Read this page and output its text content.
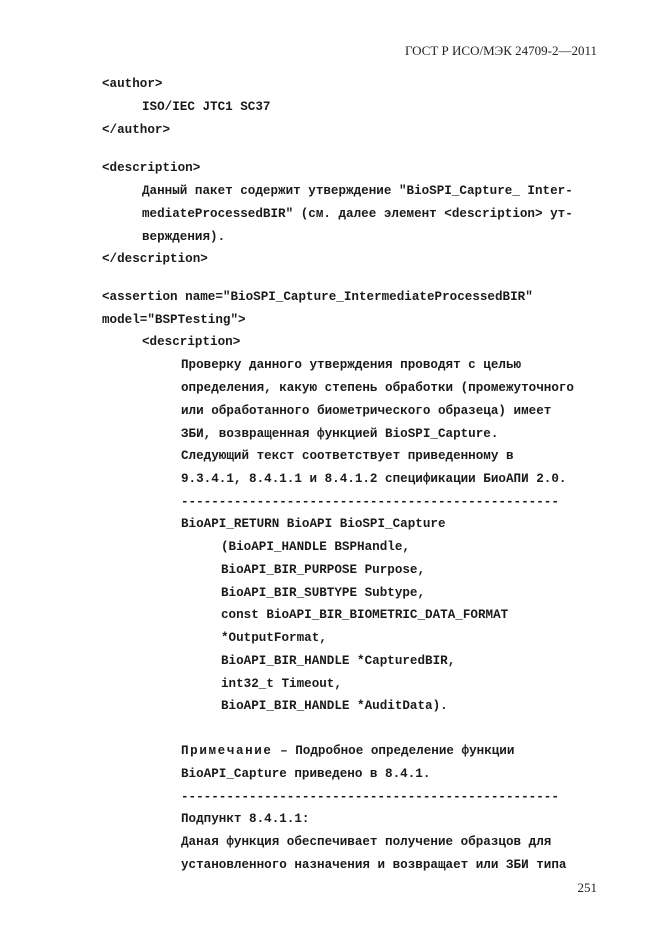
ГОСТ Р ИСО/МЭК 24709-2—2011
<author>
ISO/IEC JTC1 SC37
</author>
<description>
Данный пакет содержит утверждение "BioSPI_Capture_ Inter-
mediateProcessedBIR" (см. далее элемент <description> ут-
верждения).
</description>
<assertion name="BioSPI_Capture_IntermediateProcessedBIR"
model="BSPTesting">
<description>
Проверку данного утверждения проводят с целью
определения, какую степень обработки (промежуточного
или обработанного биометрического образеца) имеет
ЗБИ, возвращенная функцией BioSPI_Capture.
Следующий текст соответствует приведенному в
9.3.4.1, 8.4.1.1 и 8.4.1.2 спецификации БиоАПИ 2.0.
--------------------------------------------------
BioAPI_RETURN BioAPI BioSPI_Capture
(BioAPI_HANDLE BSPHandle,
BioAPI_BIR_PURPOSE Purpose,
BioAPI_BIR_SUBTYPE Subtype,
const BioAPI_BIR_BIOMETRIC_DATA_FORMAT
*OutputFormat,
BioAPI_BIR_HANDLE *CapturedBIR,
int32_t Timeout,
BioAPI_BIR_HANDLE *AuditData).
Примечание – Подробное определение функции
BioAPI_Capture приведено в 8.4.1.
--------------------------------------------------
Подпункт 8.4.1.1:
Даная функция обеспечивает получение образцов для
установленного назначения и возвращает или ЗБИ типа
251
